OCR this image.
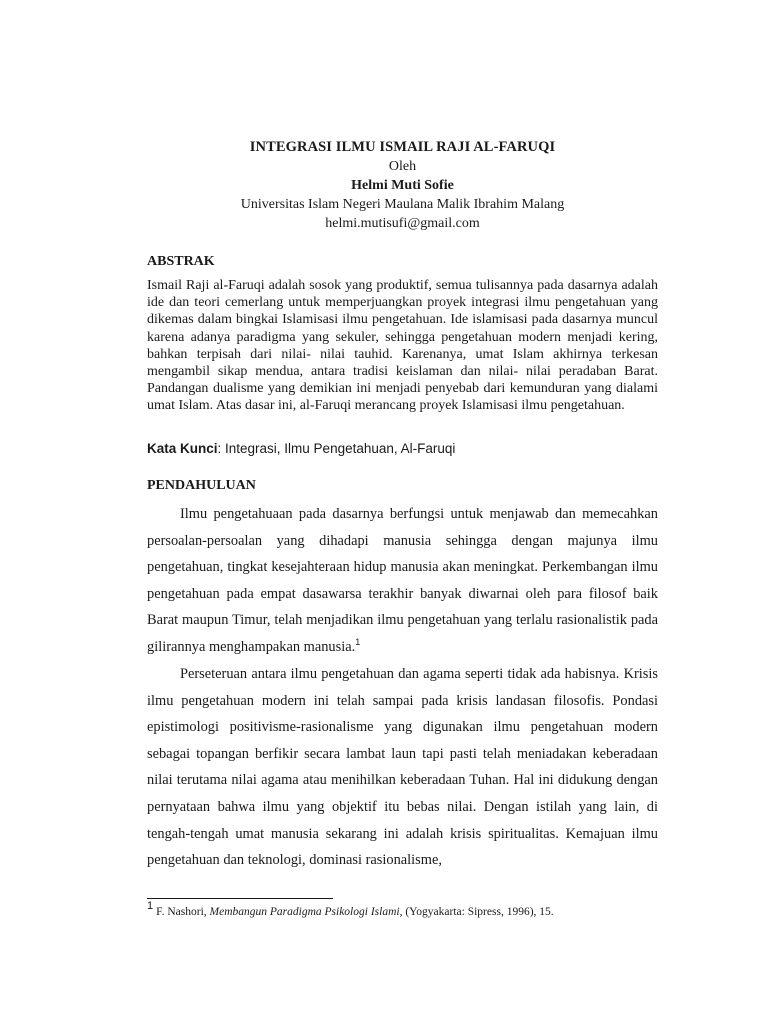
INTEGRASI ILMU ISMAIL RAJI AL-FARUQI
Oleh
Helmi Muti Sofie
Universitas Islam Negeri Maulana Malik Ibrahim Malang
helmi.mutisufi@gmail.com
ABSTRAK
Ismail Raji al-Faruqi adalah sosok yang produktif, semua tulisannya pada dasarnya adalah ide dan teori cemerlang untuk memperjuangkan proyek integrasi ilmu pengetahuan yang dikemas dalam bingkai Islamisasi ilmu pengetahuan. Ide islamisasi pada dasarnya muncul karena adanya paradigma yang sekuler, sehingga pengetahuan modern menjadi kering, bahkan terpisah dari nilai- nilai tauhid. Karenanya, umat Islam akhirnya terkesan mengambil sikap mendua, antara tradisi keislaman dan nilai- nilai peradaban Barat. Pandangan dualisme yang demikian ini menjadi penyebab dari kemunduran yang dialami umat Islam. Atas dasar ini, al-Faruqi merancang proyek Islamisasi ilmu pengetahuan.
Kata Kunci: Integrasi, Ilmu Pengetahuan, Al-Faruqi
PENDAHULUAN
Ilmu pengetahuaan pada dasarnya berfungsi untuk menjawab dan memecahkan persoalan-persoalan yang dihadapi manusia sehingga dengan majunya ilmu pengetahuan, tingkat kesejahteraan hidup manusia akan meningkat. Perkembangan ilmu pengetahuan pada empat dasawarsa terakhir banyak diwarnai oleh para filosof baik Barat maupun Timur, telah menjadikan ilmu pengetahuan yang terlalu rasionalistik pada gilirannya menghampakan manusia.$^1$
Perseteruan antara ilmu pengetahuan dan agama seperti tidak ada habisnya. Krisis ilmu pengetahuan modern ini telah sampai pada krisis landasan filosofis. Pondasi epistimologi positivisme-rasionalisme yang digunakan ilmu pengetahuan modern sebagai topangan berfikir secara lambat laun tapi pasti telah meniadakan keberadaan nilai terutama nilai agama atau menihilkan keberadaan Tuhan. Hal ini didukung dengan pernyataan bahwa ilmu yang objektif itu bebas nilai. Dengan istilah yang lain, di tengah-tengah umat manusia sekarang ini adalah krisis spiritualitas. Kemajuan ilmu pengetahuan dan teknologi, dominasi rasionalisme,
$^1$ F. Nashori, Membangun Paradigma Psikologi Islami, (Yogyakarta: Sipress, 1996), 15.
